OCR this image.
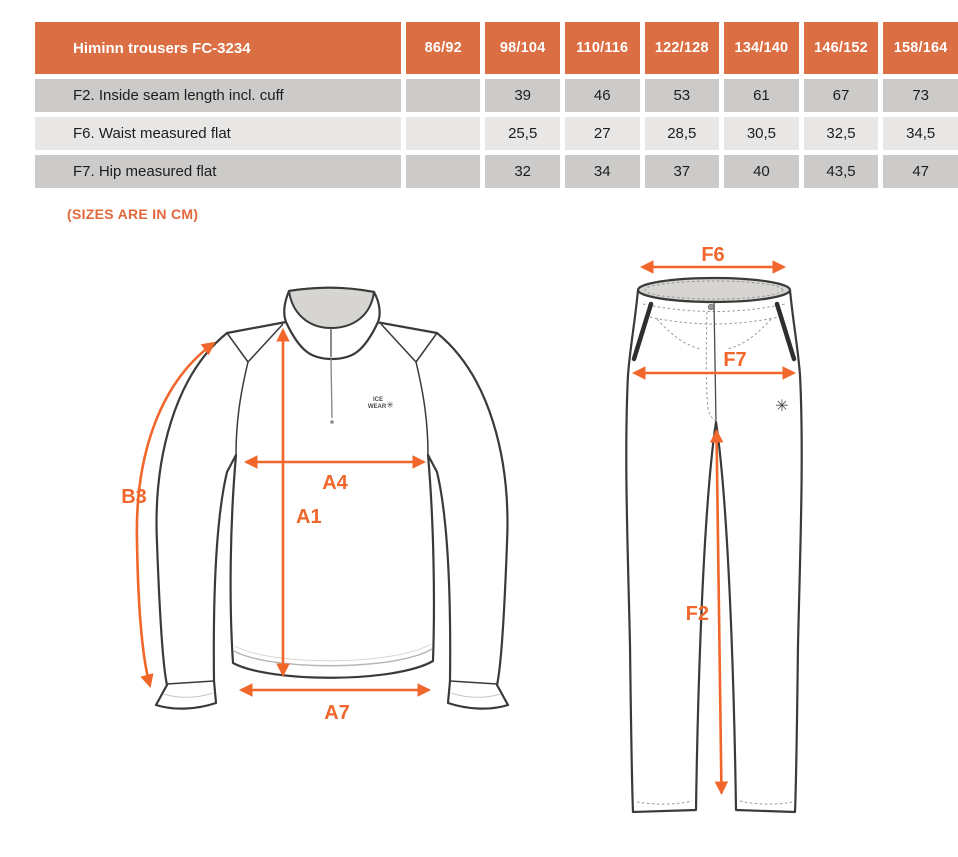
Himinn trousers FC-3234	86/92	98/104	110/116	122/128	134/140	146/152	158/164
F2. Inside seam length incl. cuff		39	46	53	61	67	73
F6. Waist measured flat		25,5	27	28,5	30,5	32,5	34,5
F7. Hip measured flat		32	34	37	40	43,5	47
(SIZES ARE IN CM)
ICE
WEAR ✳
B3
A4
A1
A7
✳
F6
F7
F2
